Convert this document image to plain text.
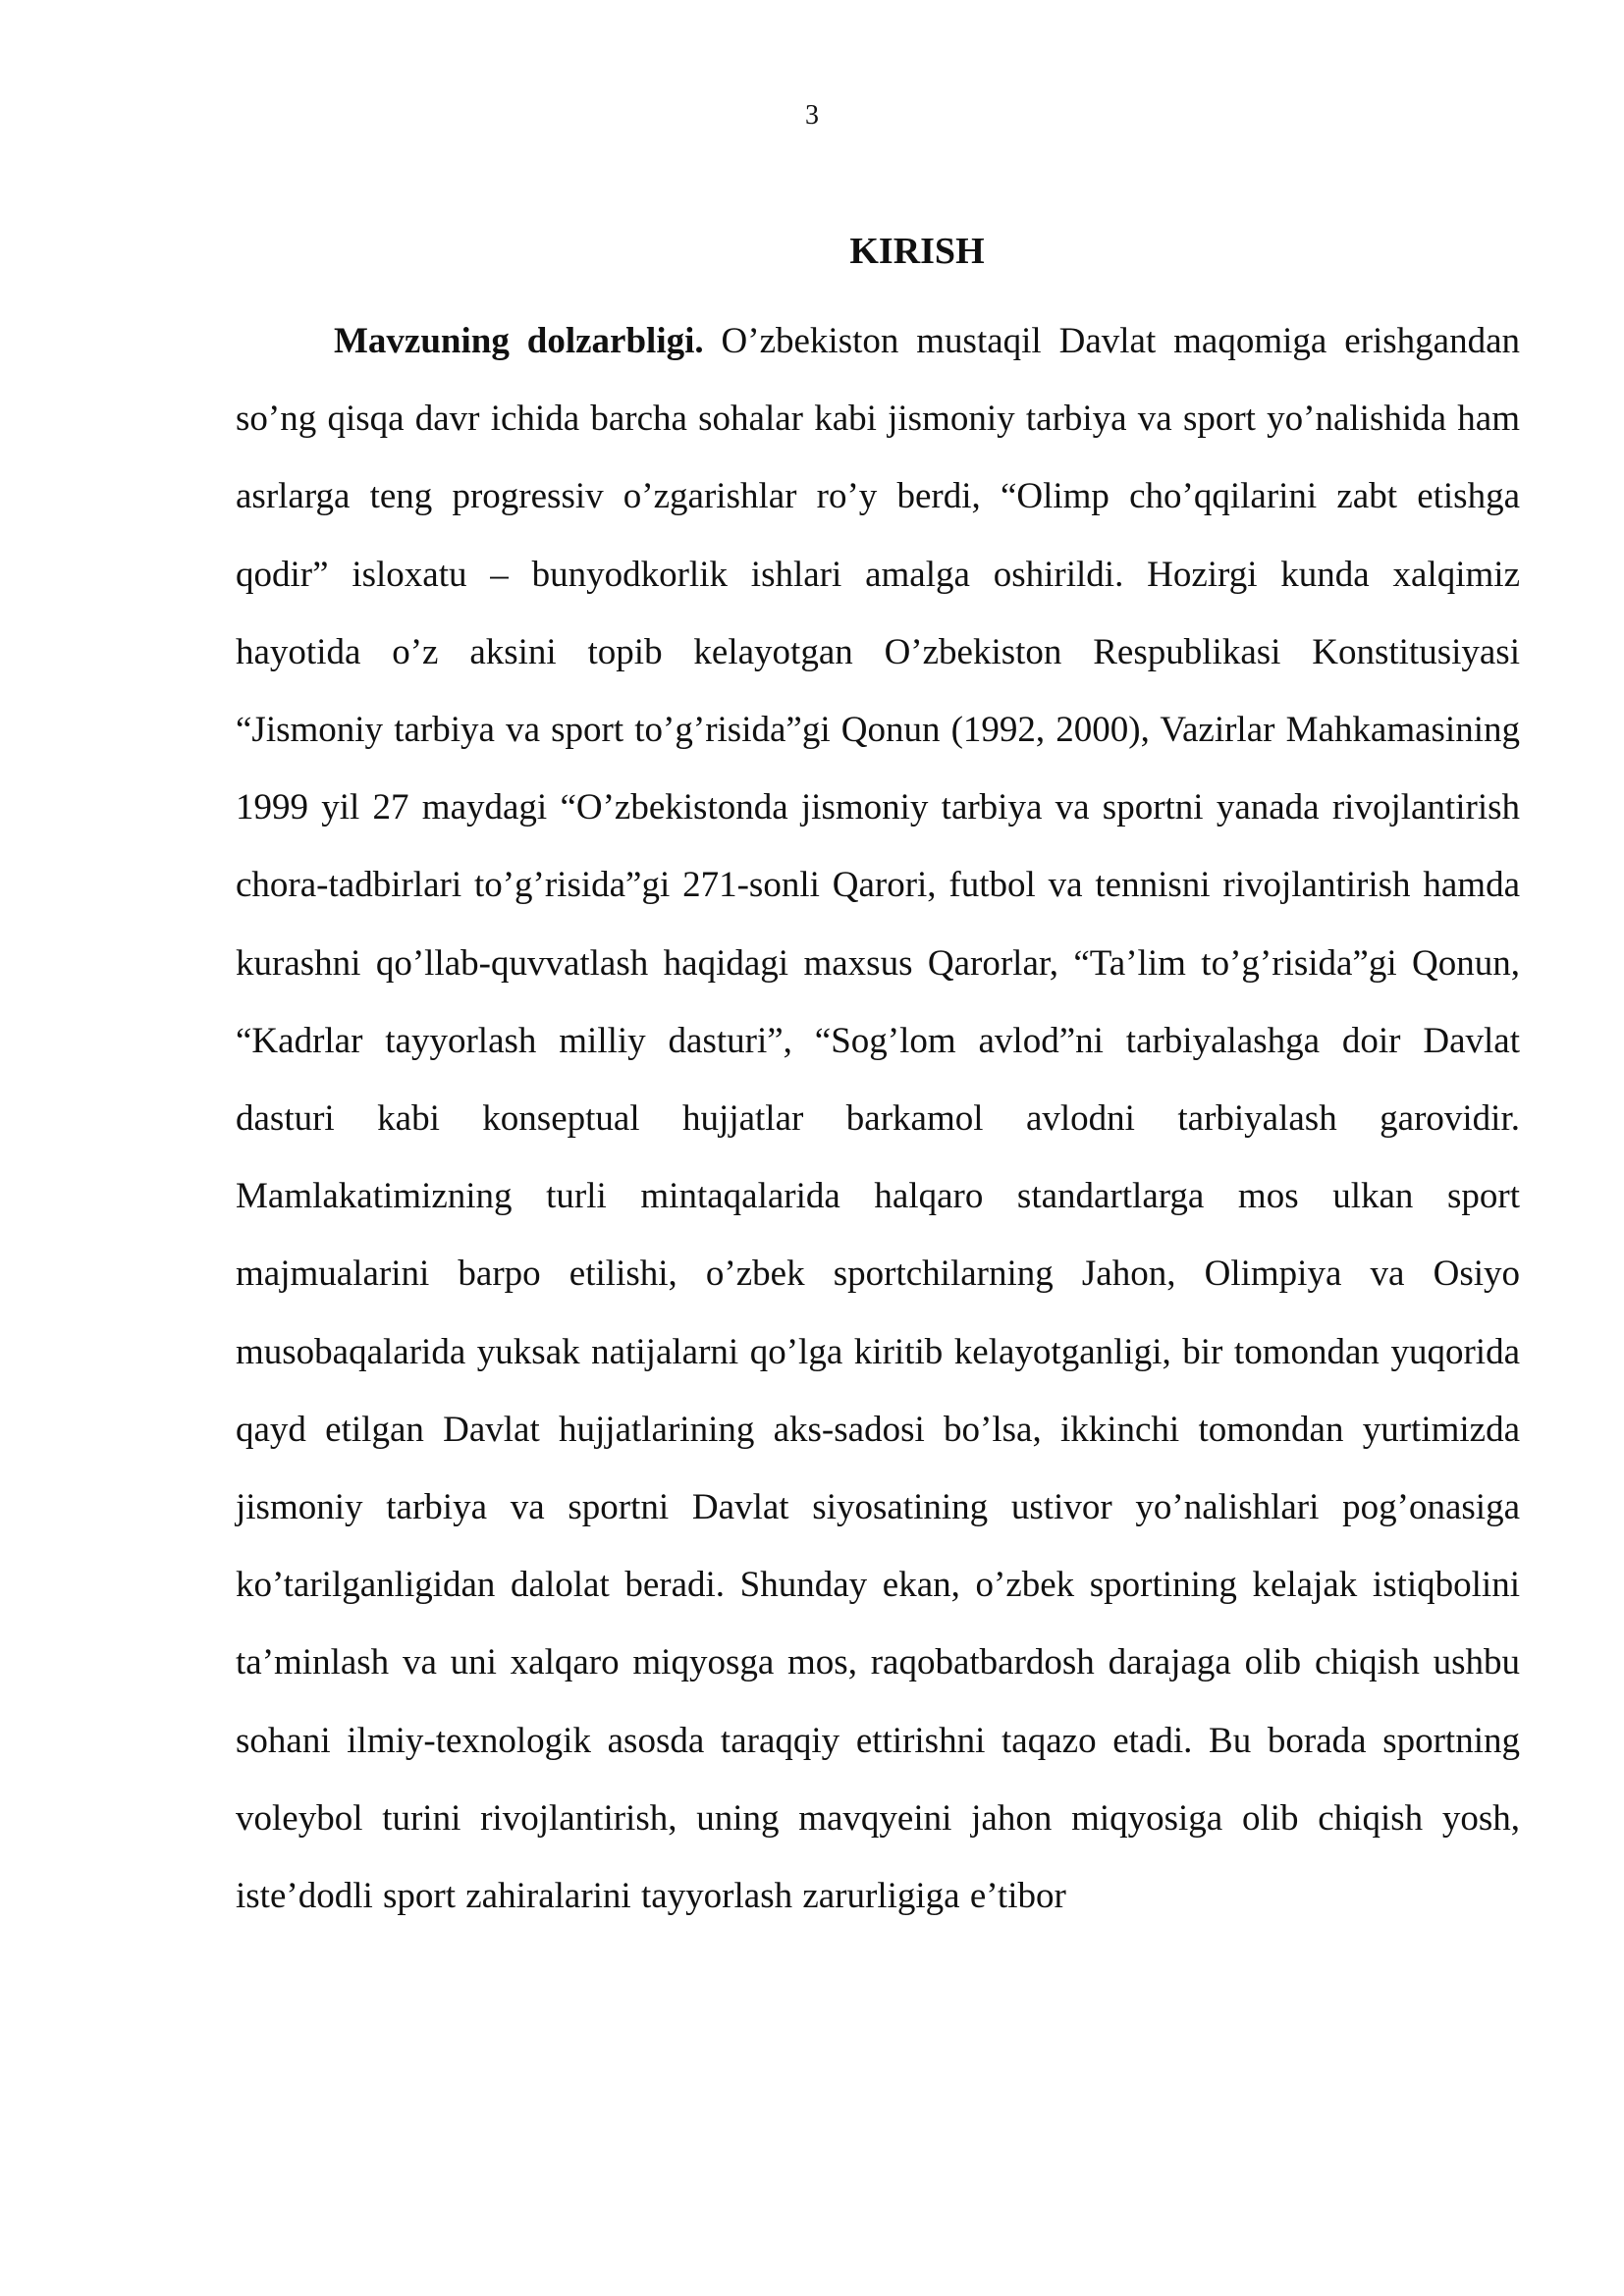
3
KIRISH

Mavzuning dolzarbligi. O’zbekiston mustaqil Davlat maqomiga erishgandan so’ng qisqa davr ichida barcha sohalar kabi jismoniy tarbiya va sport yo’nalishida ham asrlarga teng progressiv o’zgarishlar ro’y berdi, “Olimp cho’qqilarini zabt etishga qodir” isloxatu – bunyodkorlik ishlari amalga oshirildi. Hozirgi kunda xalqimiz hayotida o’z aksini topib kelayotgan O’zbekiston Respublikasi Konstitusiyasi “Jismoniy tarbiya va sport to’g’risida”gi Qonun (1992, 2000), Vazirlar Mahkamasining 1999 yil 27 maydagi “O’zbekistonda jismoniy tarbiya va sportni yanada rivojlantirish chora-tadbirlari to’g’risida”gi 271-sonli Qarori, futbol va tennisni rivojlantirish hamda kurashni qo’llab-quvvatlash haqidagi maxsus Qarorlar, “Ta’lim to’g’risida”gi Qonun, “Kadrlar tayyorlash milliy dasturi”, “Sog’lom avlod”ni tarbiyalashga doir Davlat dasturi kabi konseptual hujjatlar barkamol avlodni tarbiyalash garovidir. Mamlakatimizning turli mintaqalarida halqaro standartlarga mos ulkan sport majmualarini barpo etilishi, o’zbek sportchilarning Jahon, Olimpiya va Osiyo musobaqalarida yuksak natijalarni qo’lga kiritib kelayotganligi, bir tomondan yuqorida qayd etilgan Davlat hujjatlarining aks-sadosi bo’lsa, ikkinchi tomondan yurtimizda jismoniy tarbiya va sportni Davlat siyosatining ustivor yo’nalishlari pog’onasiga ko’tarilganligidan dalolat beradi. Shunday ekan, o’zbek sportining kelajak istiqbolini ta’minlash va uni xalqaro miqyosga mos, raqobatbardosh darajaga olib chiqish ushbu sohani ilmiy-texnologik asosda taraqqiy ettirishni taqazo etadi. Bu borada sportning voleybol turini rivojlantirish, uning mavqyeini jahon miqyosiga olib chiqish yosh, iste’dodli sport zahiralarini tayyorlash zarurligiga e’tibor
